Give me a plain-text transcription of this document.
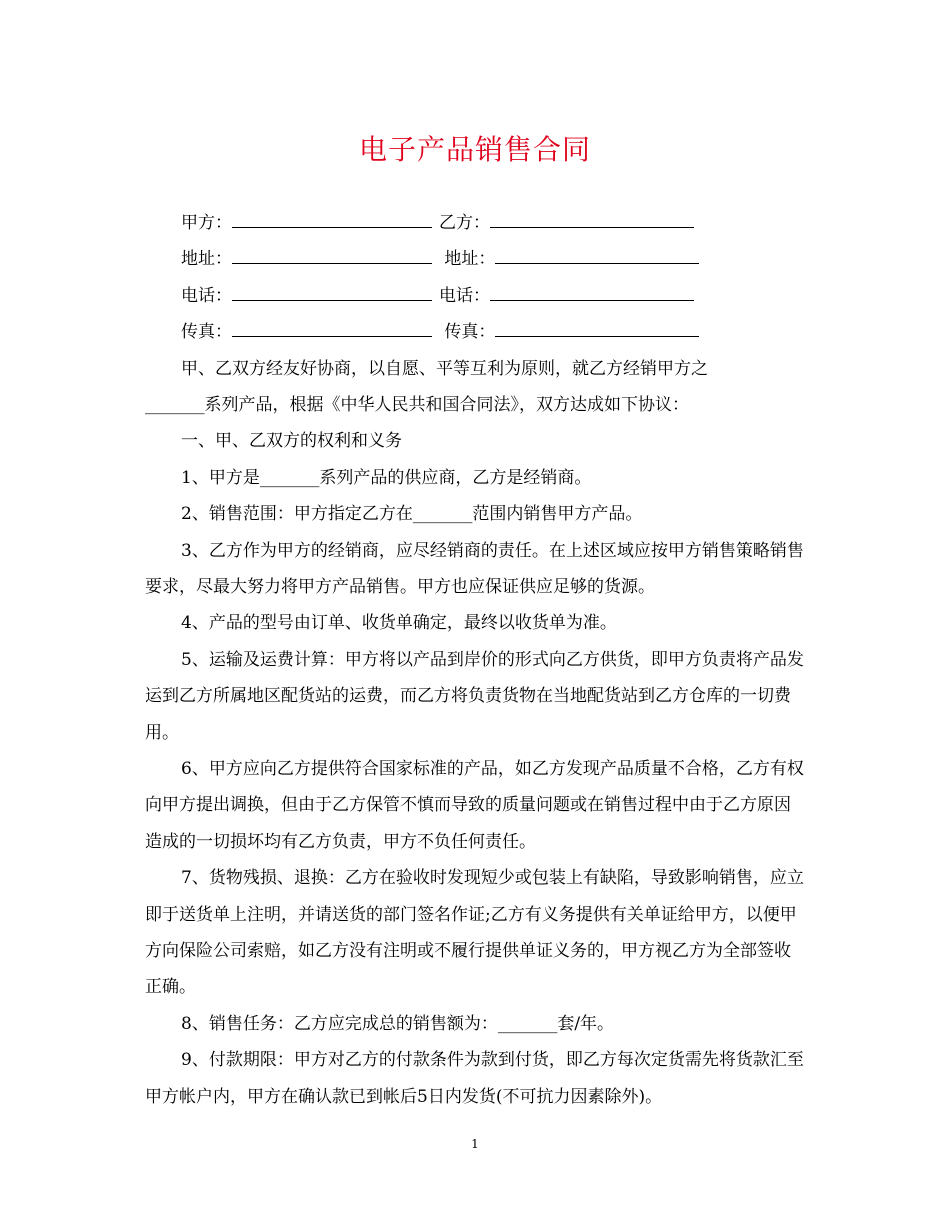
电子产品销售合同
甲方：	乙方：
地址：	地址：
电话：	电话：
传真：	传真：

甲、乙双方经友好协商，以自愿、平等互利为原则，就乙方经销甲方之

_______系列产品，根据《中华人民共和国合同法》，双方达成如下协议：

一、甲、乙双方的权利和义务

1、甲方是_______系列产品的供应商，乙方是经销商。

2、销售范围：甲方指定乙方在_______范围内销售甲方产品。

3、乙方作为甲方的经销商，应尽经销商的责任。在上述区域应按甲方销售策略销售要求，尽最大努力将甲方产品销售。甲方也应保证供应足够的货源。

4、产品的型号由订单、收货单确定，最终以收货单为准。

5、运输及运费计算：甲方将以产品到岸价的形式向乙方供货，即甲方负责将产品发运到乙方所属地区配货站的运费，而乙方将负责货物在当地配货站到乙方仓库的一切费用。

6、甲方应向乙方提供符合国家标准的产品，如乙方发现产品质量不合格，乙方有权向甲方提出调换，但由于乙方保管不慎而导致的质量问题或在销售过程中由于乙方原因造成的一切损坏均有乙方负责，甲方不负任何责任。

7、货物残损、退换：乙方在验收时发现短少或包装上有缺陷，导致影响销售，应立即于送货单上注明，并请送货的部门签名作证;乙方有义务提供有关单证给甲方，以便甲方向保险公司索赔，如乙方没有注明或不履行提供单证义务的，甲方视乙方为全部签收正确。

8、销售任务：乙方应完成总的销售额为：_______套/年。

9、付款期限：甲方对乙方的付款条件为款到付货，即乙方每次定货需先将货款汇至甲方帐户内，甲方在确认款已到帐后5日内发货(不可抗力因素除外)。

1
